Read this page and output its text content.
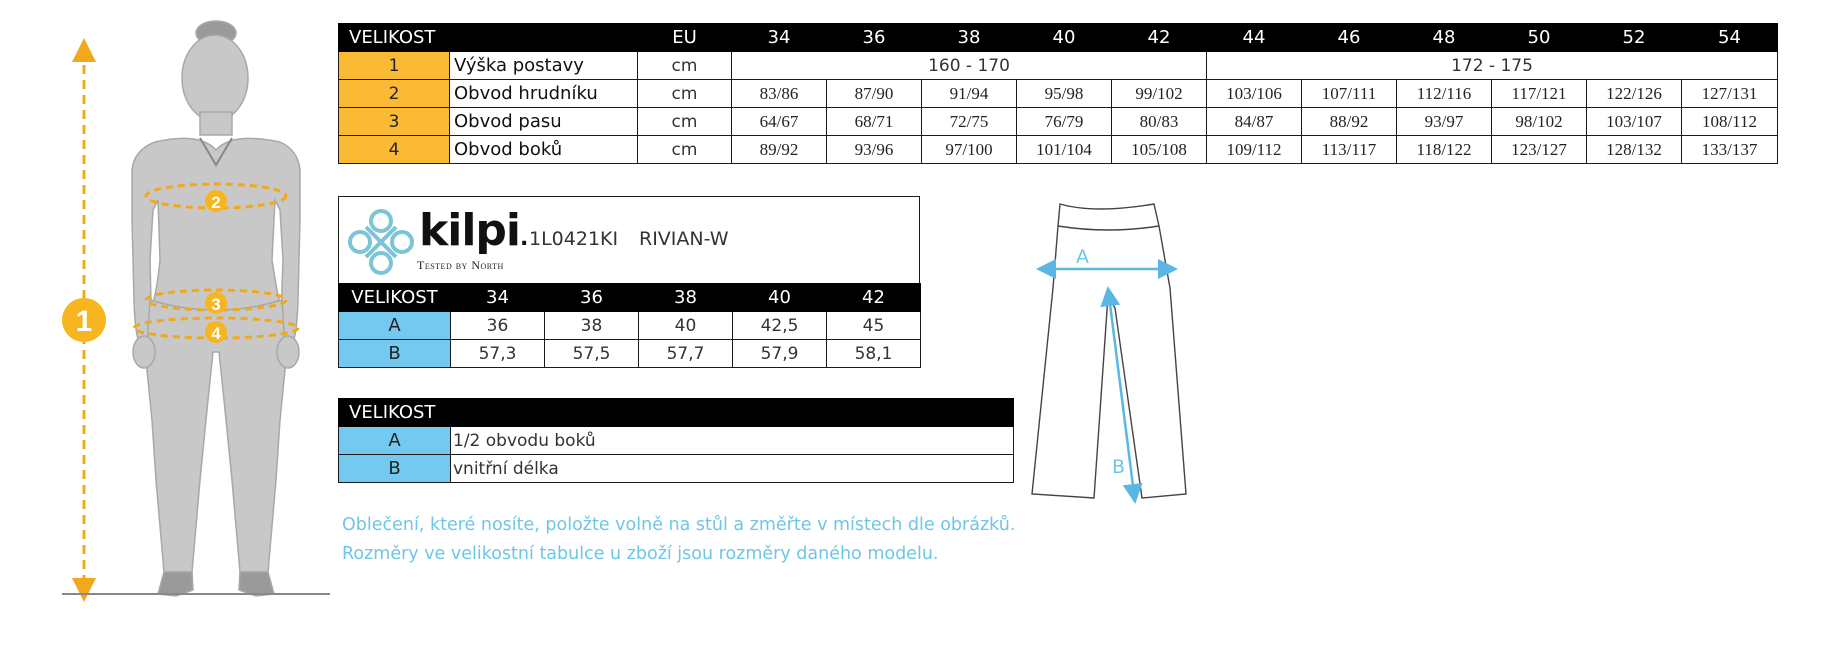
1
2
3
4
VELIKOST		EU	34	36	38	40	42	44	46	48	50	52	54
1	Výška postavy	cm	160 - 170					172 - 175					
2	Obvod hrudníku	cm	83/86	87/90	91/94	95/98	99/102	103/106	107/111	112/116	117/121	122/126	127/131
3	Obvod pasu	cm	64/67	68/71	72/75	76/79	80/83	84/87	88/92	93/97	98/102	103/107	108/112
4	Obvod boků	cm	89/92	93/96	97/100	101/104	105/108	109/112	113/117	118/122	123/127	128/132	133/137
kilpi.
Tested by North
1L0421KI RIVIAN-W
VELIKOST	34	36	38	40	42
A	36	38	40	42,5	45
B	57,3	57,5	57,7	57,9	58,1
VELIKOST	
A	1/2 obvodu boků
B	vnitřní délka
Oblečení, které nosíte, položte volně na stůl a změřte v místech dle obrázků.
Rozměry ve velikostní tabulce u zboží jsou rozměry daného modelu.
A
B
